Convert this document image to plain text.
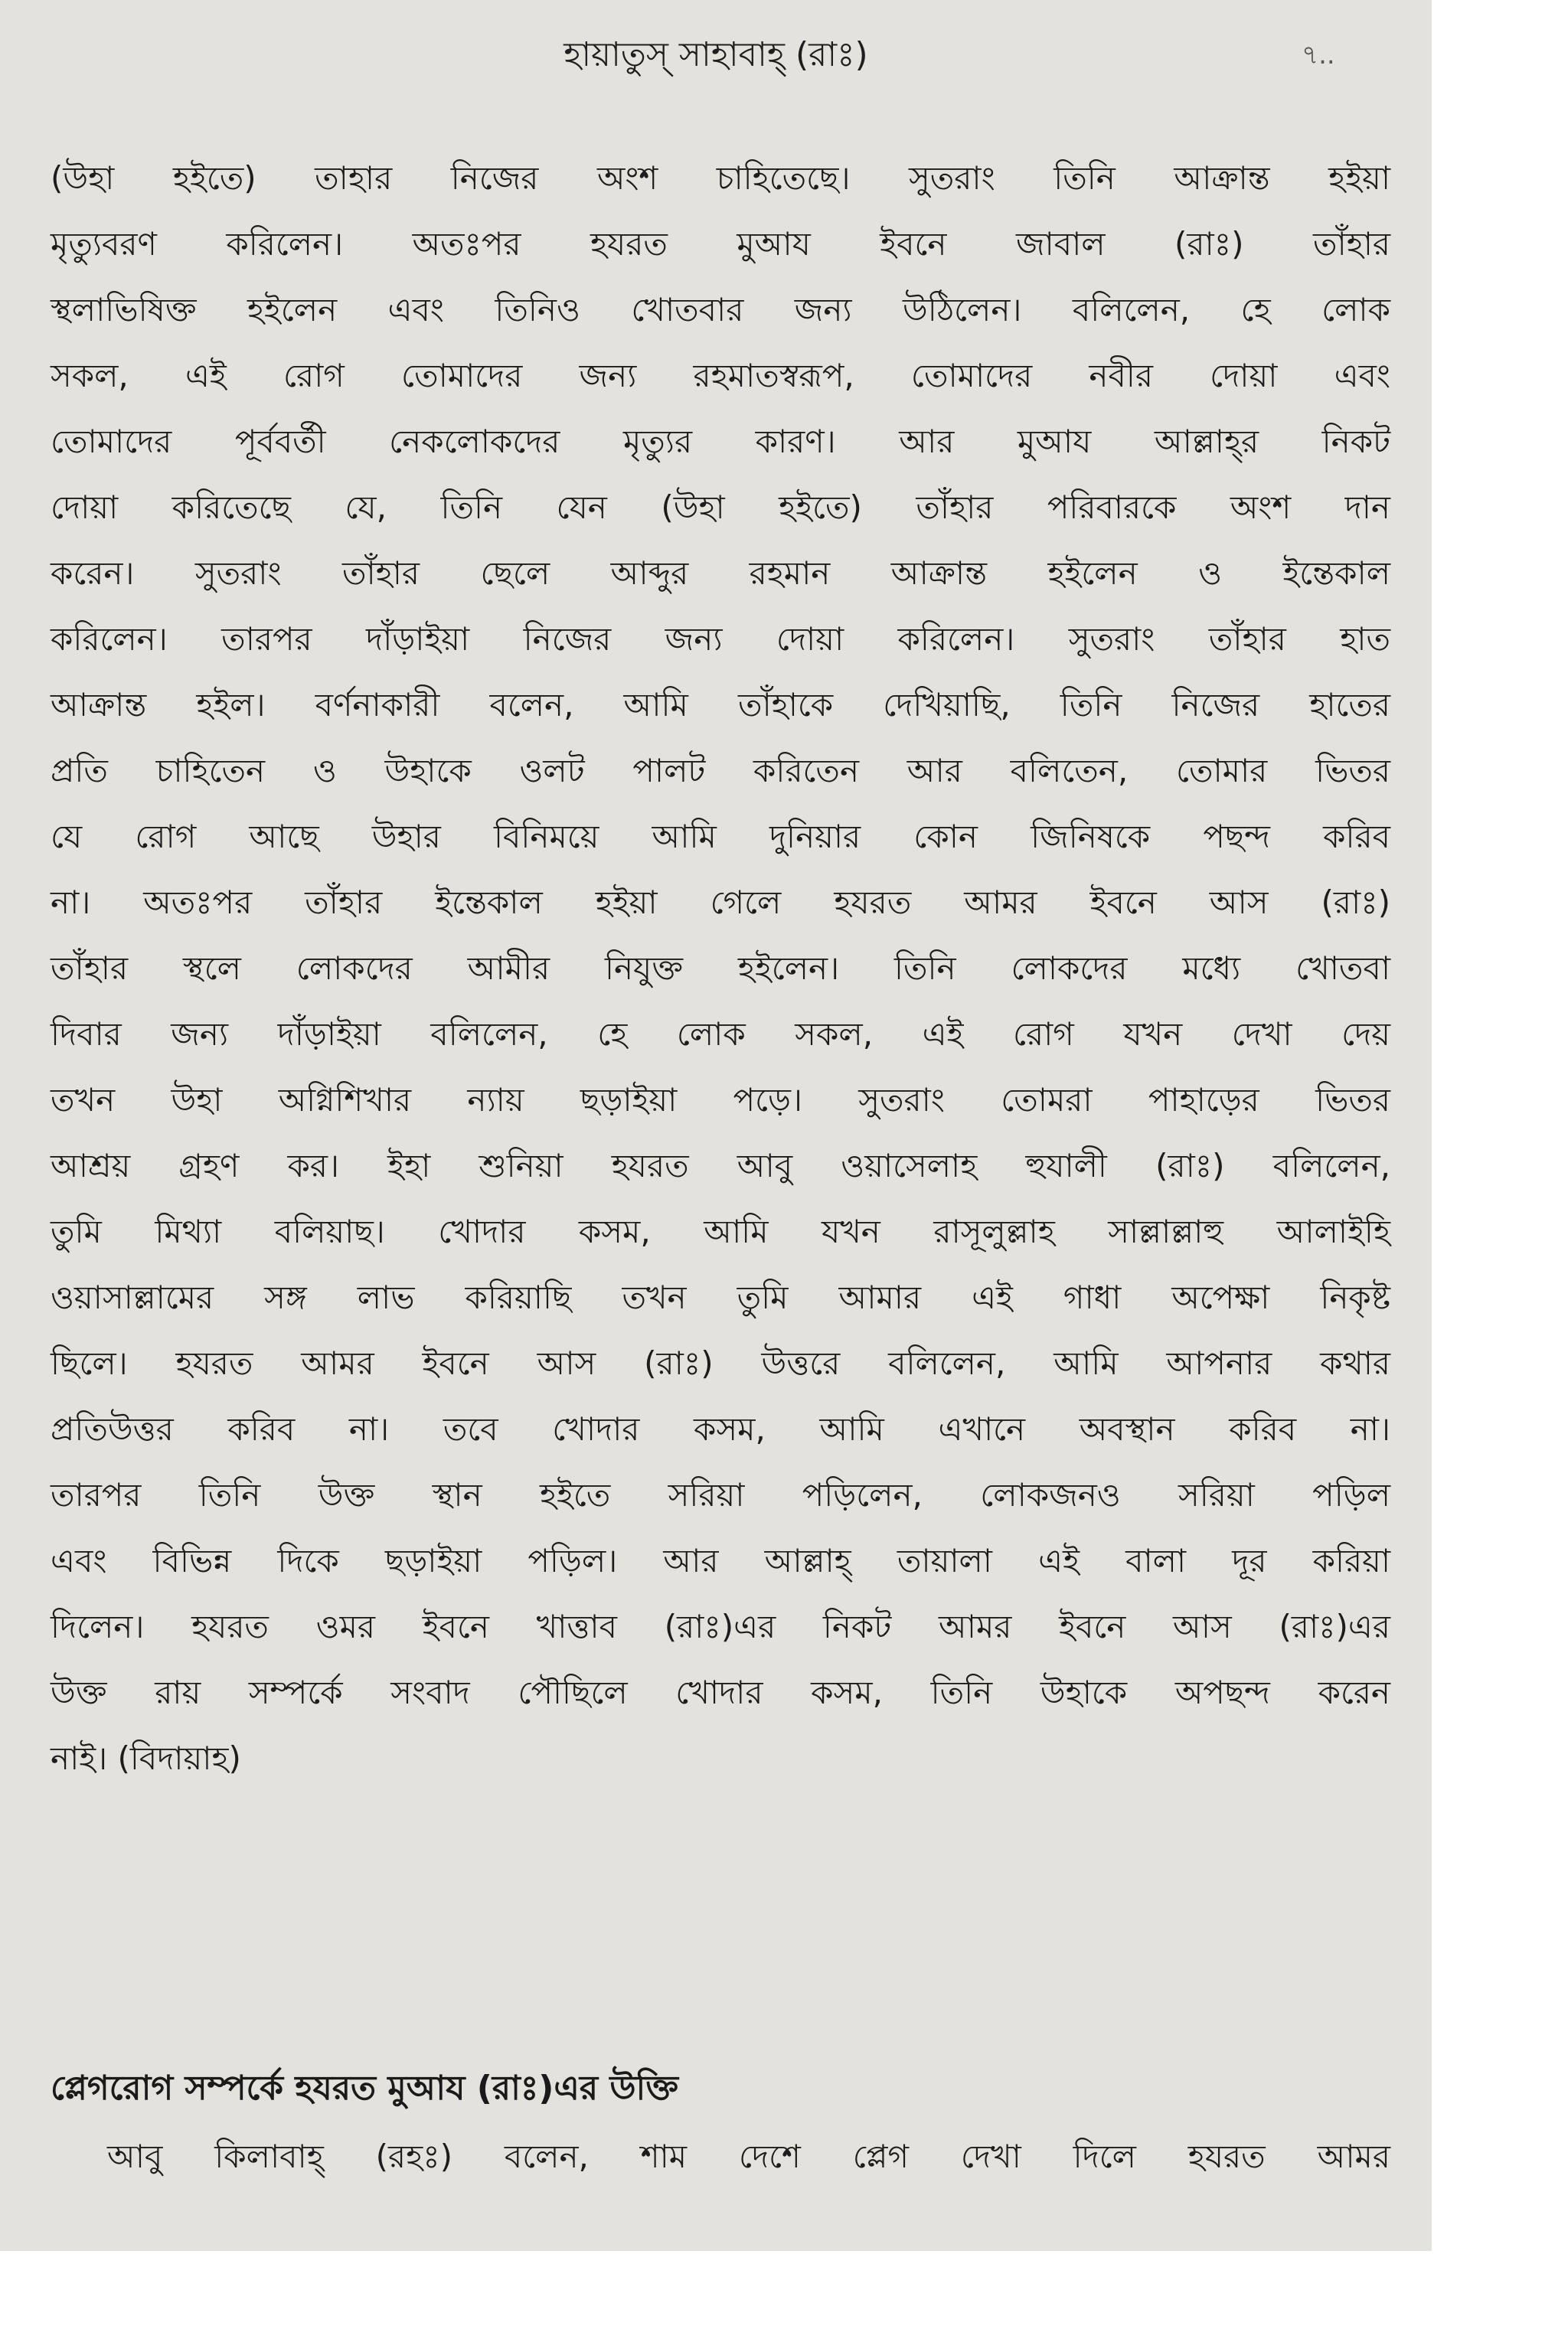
হায়াতুস্ সাহাবাহ্ (রাঃ)	৭..
(উহা হইতে) তাহার নিজের অংশ চাহিতেছে। সুতরাং তিনি আক্রান্ত হইয়া
মৃত্যুবরণ করিলেন। অতঃপর হযরত মুআয ইবনে জাবাল (রাঃ) তাঁহার
স্থলাভিষিক্ত হইলেন এবং তিনিও খোতবার জন্য উঠিলেন। বলিলেন, হে লোক
সকল, এই রোগ তোমাদের জন্য রহমাতস্বরূপ, তোমাদের নবীর দোয়া এবং
তোমাদের পূর্ববর্তী নেকলোকদের মৃত্যুর কারণ। আর মুআয আল্লাহ্‌র নিকট
দোয়া করিতেছে যে, তিনি যেন (উহা হইতে) তাঁহার পরিবারকে অংশ দান
করেন। সুতরাং তাঁহার ছেলে আব্দুর রহমান আক্রান্ত হইলেন ও ইন্তেকাল
করিলেন। তারপর দাঁড়াইয়া নিজের জন্য দোয়া করিলেন। সুতরাং তাঁহার হাত
আক্রান্ত হইল। বর্ণনাকারী বলেন, আমি তাঁহাকে দেখিয়াছি, তিনি নিজের হাতের
প্রতি চাহিতেন ও উহাকে ওলট পালট করিতেন আর বলিতেন, তোমার ভিতর
যে রোগ আছে উহার বিনিময়ে আমি দুনিয়ার কোন জিনিষকে পছন্দ করিব
না। অতঃপর তাঁহার ইন্তেকাল হইয়া গেলে হযরত আমর ইবনে আস (রাঃ)
তাঁহার স্থলে লোকদের আমীর নিযুক্ত হইলেন। তিনি লোকদের মধ্যে খোতবা
দিবার জন্য দাঁড়াইয়া বলিলেন, হে লোক সকল, এই রোগ যখন দেখা দেয়
তখন উহা অগ্নিশিখার ন্যায় ছড়াইয়া পড়ে। সুতরাং তোমরা পাহাড়ের ভিতর
আশ্রয় গ্রহণ কর। ইহা শুনিয়া হযরত আবু ওয়াসেলাহ হুযালী (রাঃ) বলিলেন,
তুমি মিথ্যা বলিয়াছ। খোদার কসম, আমি যখন রাসূলুল্লাহ সাল্লাল্লাহু আলাইহি
ওয়াসাল্লামের সঙ্গ লাভ করিয়াছি তখন তুমি আমার এই গাধা অপেক্ষা নিকৃষ্ট
ছিলে। হযরত আমর ইবনে আস (রাঃ) উত্তরে বলিলেন, আমি আপনার কথার
প্রতিউত্তর করিব না। তবে খোদার কসম, আমি এখানে অবস্থান করিব না।
তারপর তিনি উক্ত স্থান হইতে সরিয়া পড়িলেন, লোকজনও সরিয়া পড়িল
এবং বিভিন্ন দিকে ছড়াইয়া পড়িল। আর আল্লাহ্ তায়ালা এই বালা দূর করিয়া
দিলেন। হযরত ওমর ইবনে খাত্তাব (রাঃ)এর নিকট আমর ইবনে আস (রাঃ)এর
উক্ত রায় সম্পর্কে সংবাদ পৌছিলে খোদার কসম, তিনি উহাকে অপছন্দ করেন
নাই। (বিদায়াহ)
প্লেগরোগ সম্পর্কে হযরত মুআয (রাঃ)এর উক্তি
আবু কিলাবাহ্ (রহঃ) বলেন, শাম দেশে প্লেগ দেখা দিলে হযরত আমর
